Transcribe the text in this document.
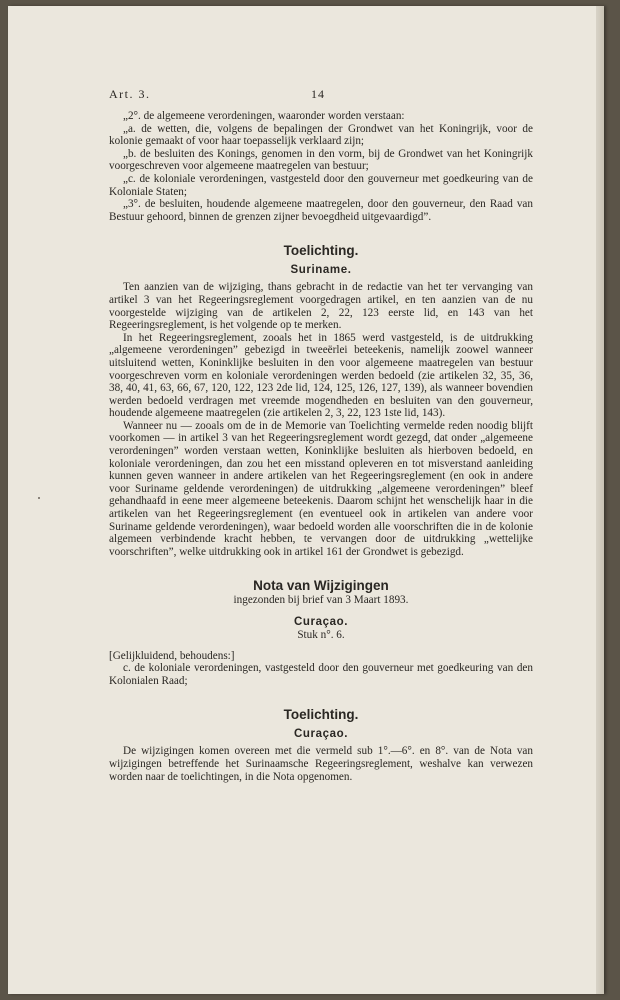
Art. 3.	14

„2°. de algemeene verordeningen, waaronder worden verstaan:

„a. de wetten, die, volgens de bepalingen der Grondwet van het Koningrijk, voor de kolonie gemaakt of voor haar toepasselijk verklaard zijn;

„b. de besluiten des Konings, genomen in den vorm, bij de Grondwet van het Koningrijk voorgeschreven voor algemeene maatregelen van bestuur;

„c. de koloniale verordeningen, vastgesteld door den gouverneur met goedkeuring van de Koloniale Staten;

„3°. de besluiten, houdende algemeene maatregelen, door den gouverneur, den Raad van Bestuur gehoord, binnen de grenzen zijner bevoegdheid uitgevaardigd”.

Toelichting.
Suriname.

Ten aanzien van de wijziging, thans gebracht in de redactie van het ter vervanging van artikel 3 van het Regeeringsreglement voorgedragen artikel, en ten aanzien van de nu voorgestelde wijziging van de artikelen 2, 22, 123 eerste lid, en 143 van het Regeeringsreglement, is het volgende op te merken.

In het Regeeringsreglement, zooals het in 1865 werd vastgesteld, is de uitdrukking „algemeene verordeningen” gebezigd in tweeërlei beteekenis, namelijk zoowel wanneer uitsluitend wetten, Koninklijke besluiten in den voor algemeene maatregelen van bestuur voorgeschreven vorm en koloniale verordeningen werden bedoeld (zie artikelen 32, 35, 36, 38, 40, 41, 63, 66, 67, 120, 122, 123 2de lid, 124, 125, 126, 127, 139), als wanneer bovendien werden bedoeld verdragen met vreemde mogendheden en besluiten van den gouverneur, houdende algemeene maatregelen (zie artikelen 2, 3, 22, 123 1ste lid, 143).

Wanneer nu — zooals om de in de Memorie van Toelichting vermelde reden noodig blijft voorkomen — in artikel 3 van het Regeeringsreglement wordt gezegd, dat onder „algemeene verordeningen” worden verstaan wetten, Koninklijke besluiten als hierboven bedoeld, en koloniale verordeningen, dan zou het een misstand opleveren en tot misverstand aanleiding kunnen geven wanneer in andere artikelen van het Regeeringsreglement (en ook in andere voor Suriname geldende verordeningen) de uitdrukking „algemeene verordeningen” bleef gehandhaafd in eene meer algemeene beteekenis. Daarom schijnt het wenschelijk haar in die artikelen van het Regeeringsreglement (en eventueel ook in artikelen van andere voor Suriname geldende verordeningen), waar bedoeld worden alle voorschriften die in de kolonie algemeen verbindende kracht hebben, te vervangen door de uitdrukking „wettelijke voorschriften”, welke uitdrukking ook in artikel 161 der Grondwet is gebezigd.

Nota van Wijzigingen

ingezonden bij brief van 3 Maart 1893.

Curaçao.

Stuk n°. 6.

[Gelijkluidend, behoudens:]

c. de koloniale verordeningen, vastgesteld door den gouverneur met goedkeuring van den Kolonialen Raad;

Toelichting.
Curaçao.

De wijzigingen komen overeen met die vermeld sub 1°.—6°. en 8°. van de Nota van wijzigingen betreffende het Surinaamsche Regeeringsreglement, weshalve kan verwezen worden naar de toelichtingen, in die Nota opgenomen.
